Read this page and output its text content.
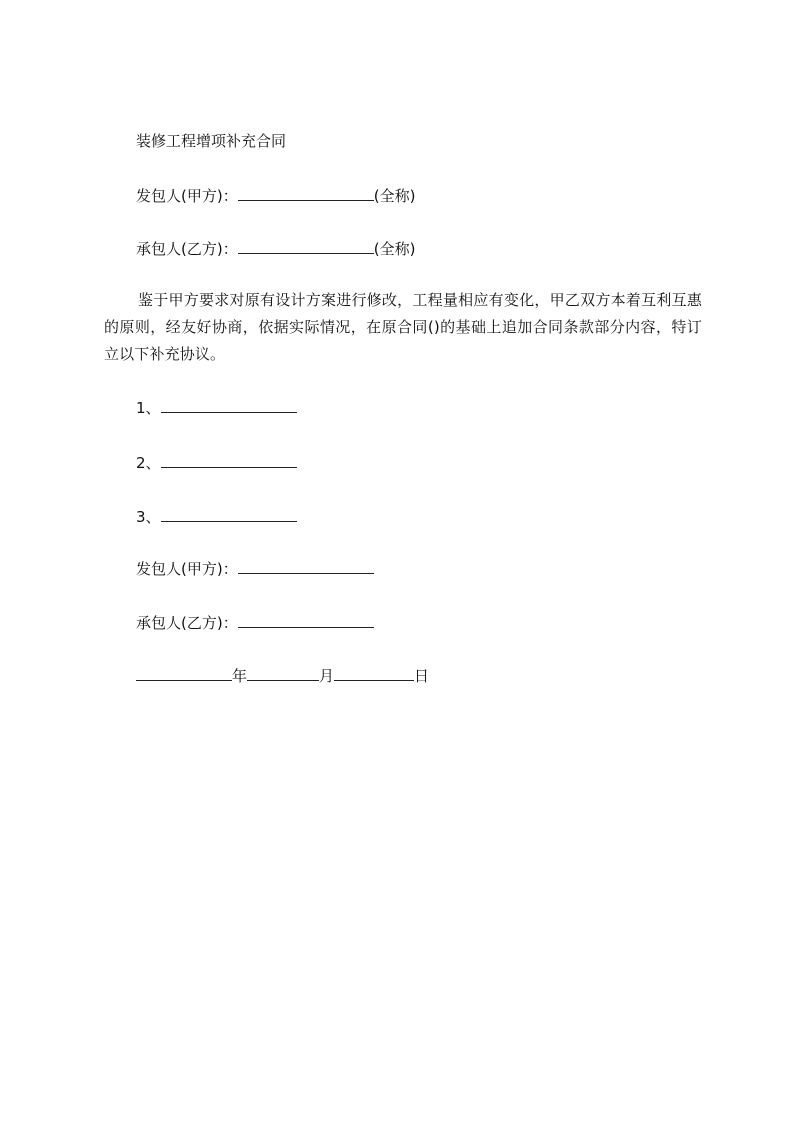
装修工程增项补充合同
发包人(甲方)：	(全称)
承包人(乙方)：	(全称)
鉴于甲方要求对原有设计方案进行修改，工程量相应有变化，甲乙双方本着互利互惠的原则，经友好协商，依据实际情况，在原合同()的基础上追加合同条款部分内容，特订立以下补充协议。
1、
2、
3、
发包人(甲方)：
承包人(乙方)：
年	月	日
